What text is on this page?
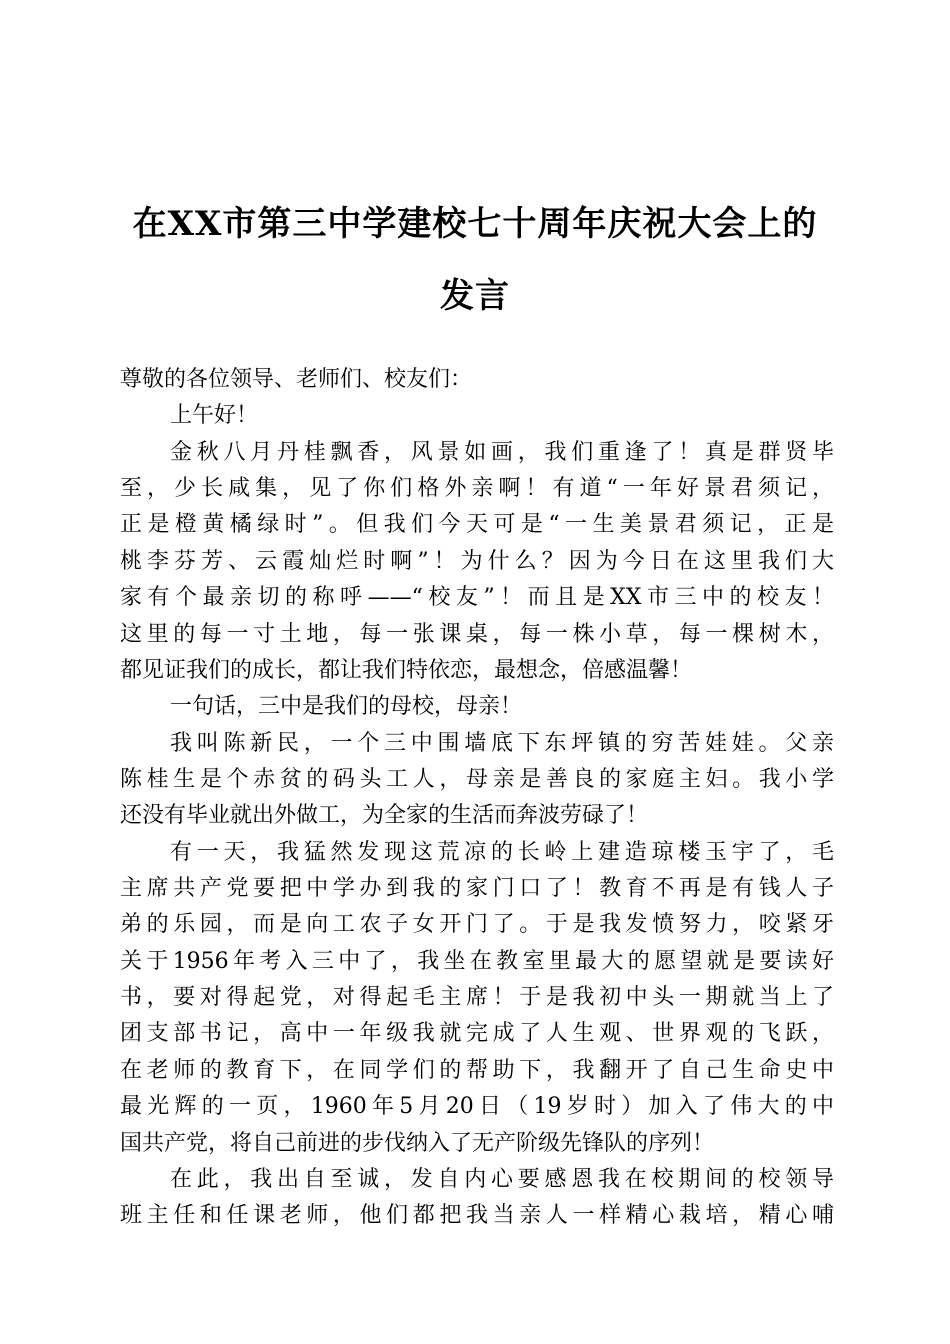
在XX市第三中学建校七十周年庆祝大会上的
发言
尊敬的各位领导、老师们、校友们：
上午好！
金秋八月丹桂飘香，风景如画，我们重逢了！真是群贤毕
至，少长咸集，见了你们格外亲啊！有道“一年好景君须记，
正是橙黄橘绿时”。但我们今天可是“一生美景君须记，正是
桃李芬芳、云霞灿烂时啊”！为什么？因为今日在这里我们大
家有个最亲切的称呼——“校友”！而且是XX市三中的校友！
这里的每一寸土地，每一张课桌，每一株小草，每一棵树木，
都见证我们的成长，都让我们特依恋，最想念，倍感温馨！
一句话，三中是我们的母校，母亲！
我叫陈新民，一个三中围墙底下东坪镇的穷苦娃娃。父亲
陈桂生是个赤贫的码头工人，母亲是善良的家庭主妇。我小学
还没有毕业就出外做工，为全家的生活而奔波劳碌了！
有一天，我猛然发现这荒凉的长岭上建造琼楼玉宇了，毛
主席共产党要把中学办到我的家门口了！教育不再是有钱人子
弟的乐园，而是向工农子女开门了。于是我发愤努力，咬紧牙
关于1956年考入三中了，我坐在教室里最大的愿望就是要读好
书，要对得起党，对得起毛主席！于是我初中头一期就当上了
团支部书记，高中一年级我就完成了人生观、世界观的飞跃，
在老师的教育下，在同学们的帮助下，我翻开了自己生命史中
最光辉的一页，1960年5月20日（19岁时）加入了伟大的中
国共产党，将自己前进的步伐纳入了无产阶级先锋队的序列！
在此，我出自至诚，发自内心要感恩我在校期间的校领导
班主任和任课老师，他们都把我当亲人一样精心栽培，精心哺
